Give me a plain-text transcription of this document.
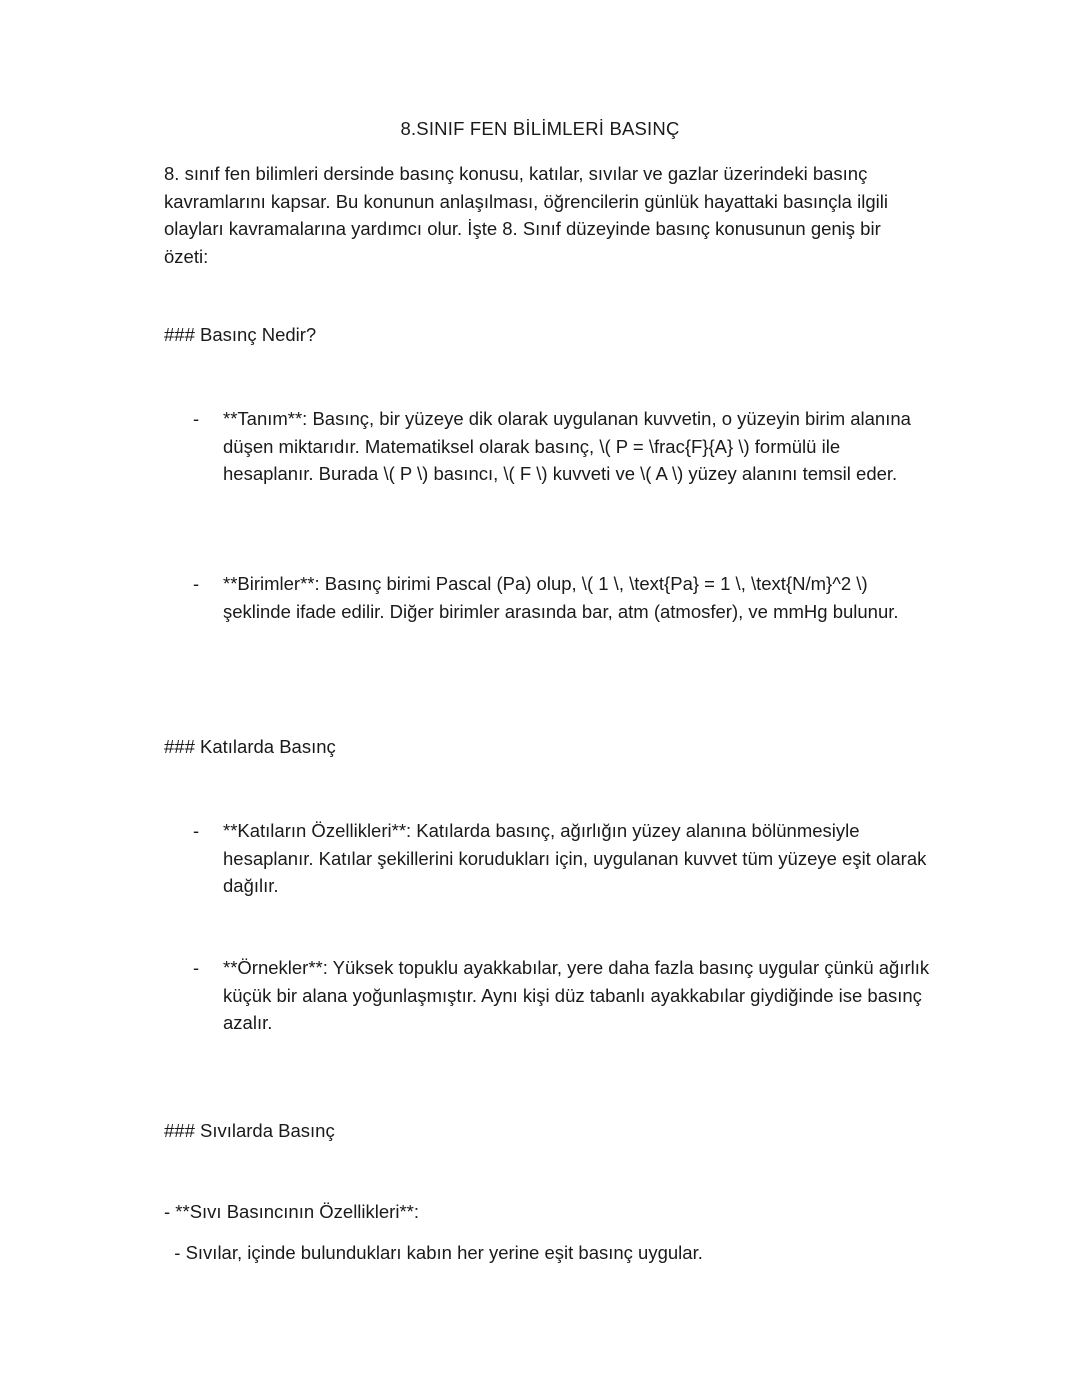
8.SINIF FEN BİLİMLERİ BASINÇ

8. sınıf fen bilimleri dersinde basınç konusu, katılar, sıvılar ve gazlar üzerindeki basınç kavramlarını kapsar. Bu konunun anlaşılması, öğrencilerin günlük hayattaki basınçla ilgili olayları kavramalarına yardımcı olur. İşte 8. Sınıf düzeyinde basınç konusunun geniş bir özeti:

### Basınç Nedir?

- **Tanım**: Basınç, bir yüzeye dik olarak uygulanan kuvvetin, o yüzeyin birim alanına düşen miktarıdır. Matematiksel olarak basınç, \( P = \frac{F}{A} \) formülü ile hesaplanır. Burada \( P \) basıncı, \( F \) kuvveti ve \( A \) yüzey alanını temsil eder.
- **Birimler**: Basınç birimi Pascal (Pa) olup, \( 1 \, \text{Pa} = 1 \, \text{N/m}^2 \) şeklinde ifade edilir. Diğer birimler arasında bar, atm (atmosfer), ve mmHg bulunur.

### Katılarda Basınç

- **Katıların Özellikleri**: Katılarda basınç, ağırlığın yüzey alanına bölünmesiyle hesaplanır. Katılar şekillerini korudukları için, uygulanan kuvvet tüm yüzeye eşit olarak dağılır.
- **Örnekler**: Yüksek topuklu ayakkabılar, yere daha fazla basınç uygular çünkü ağırlık küçük bir alana yoğunlaşmıştır. Aynı kişi düz tabanlı ayakkabılar giydiğinde ise basınç azalır.

### Sıvılarda Basınç

- **Sıvı Basıncının Özellikleri**:
- Sıvılar, içinde bulundukları kabın her yerine eşit basınç uygular.
